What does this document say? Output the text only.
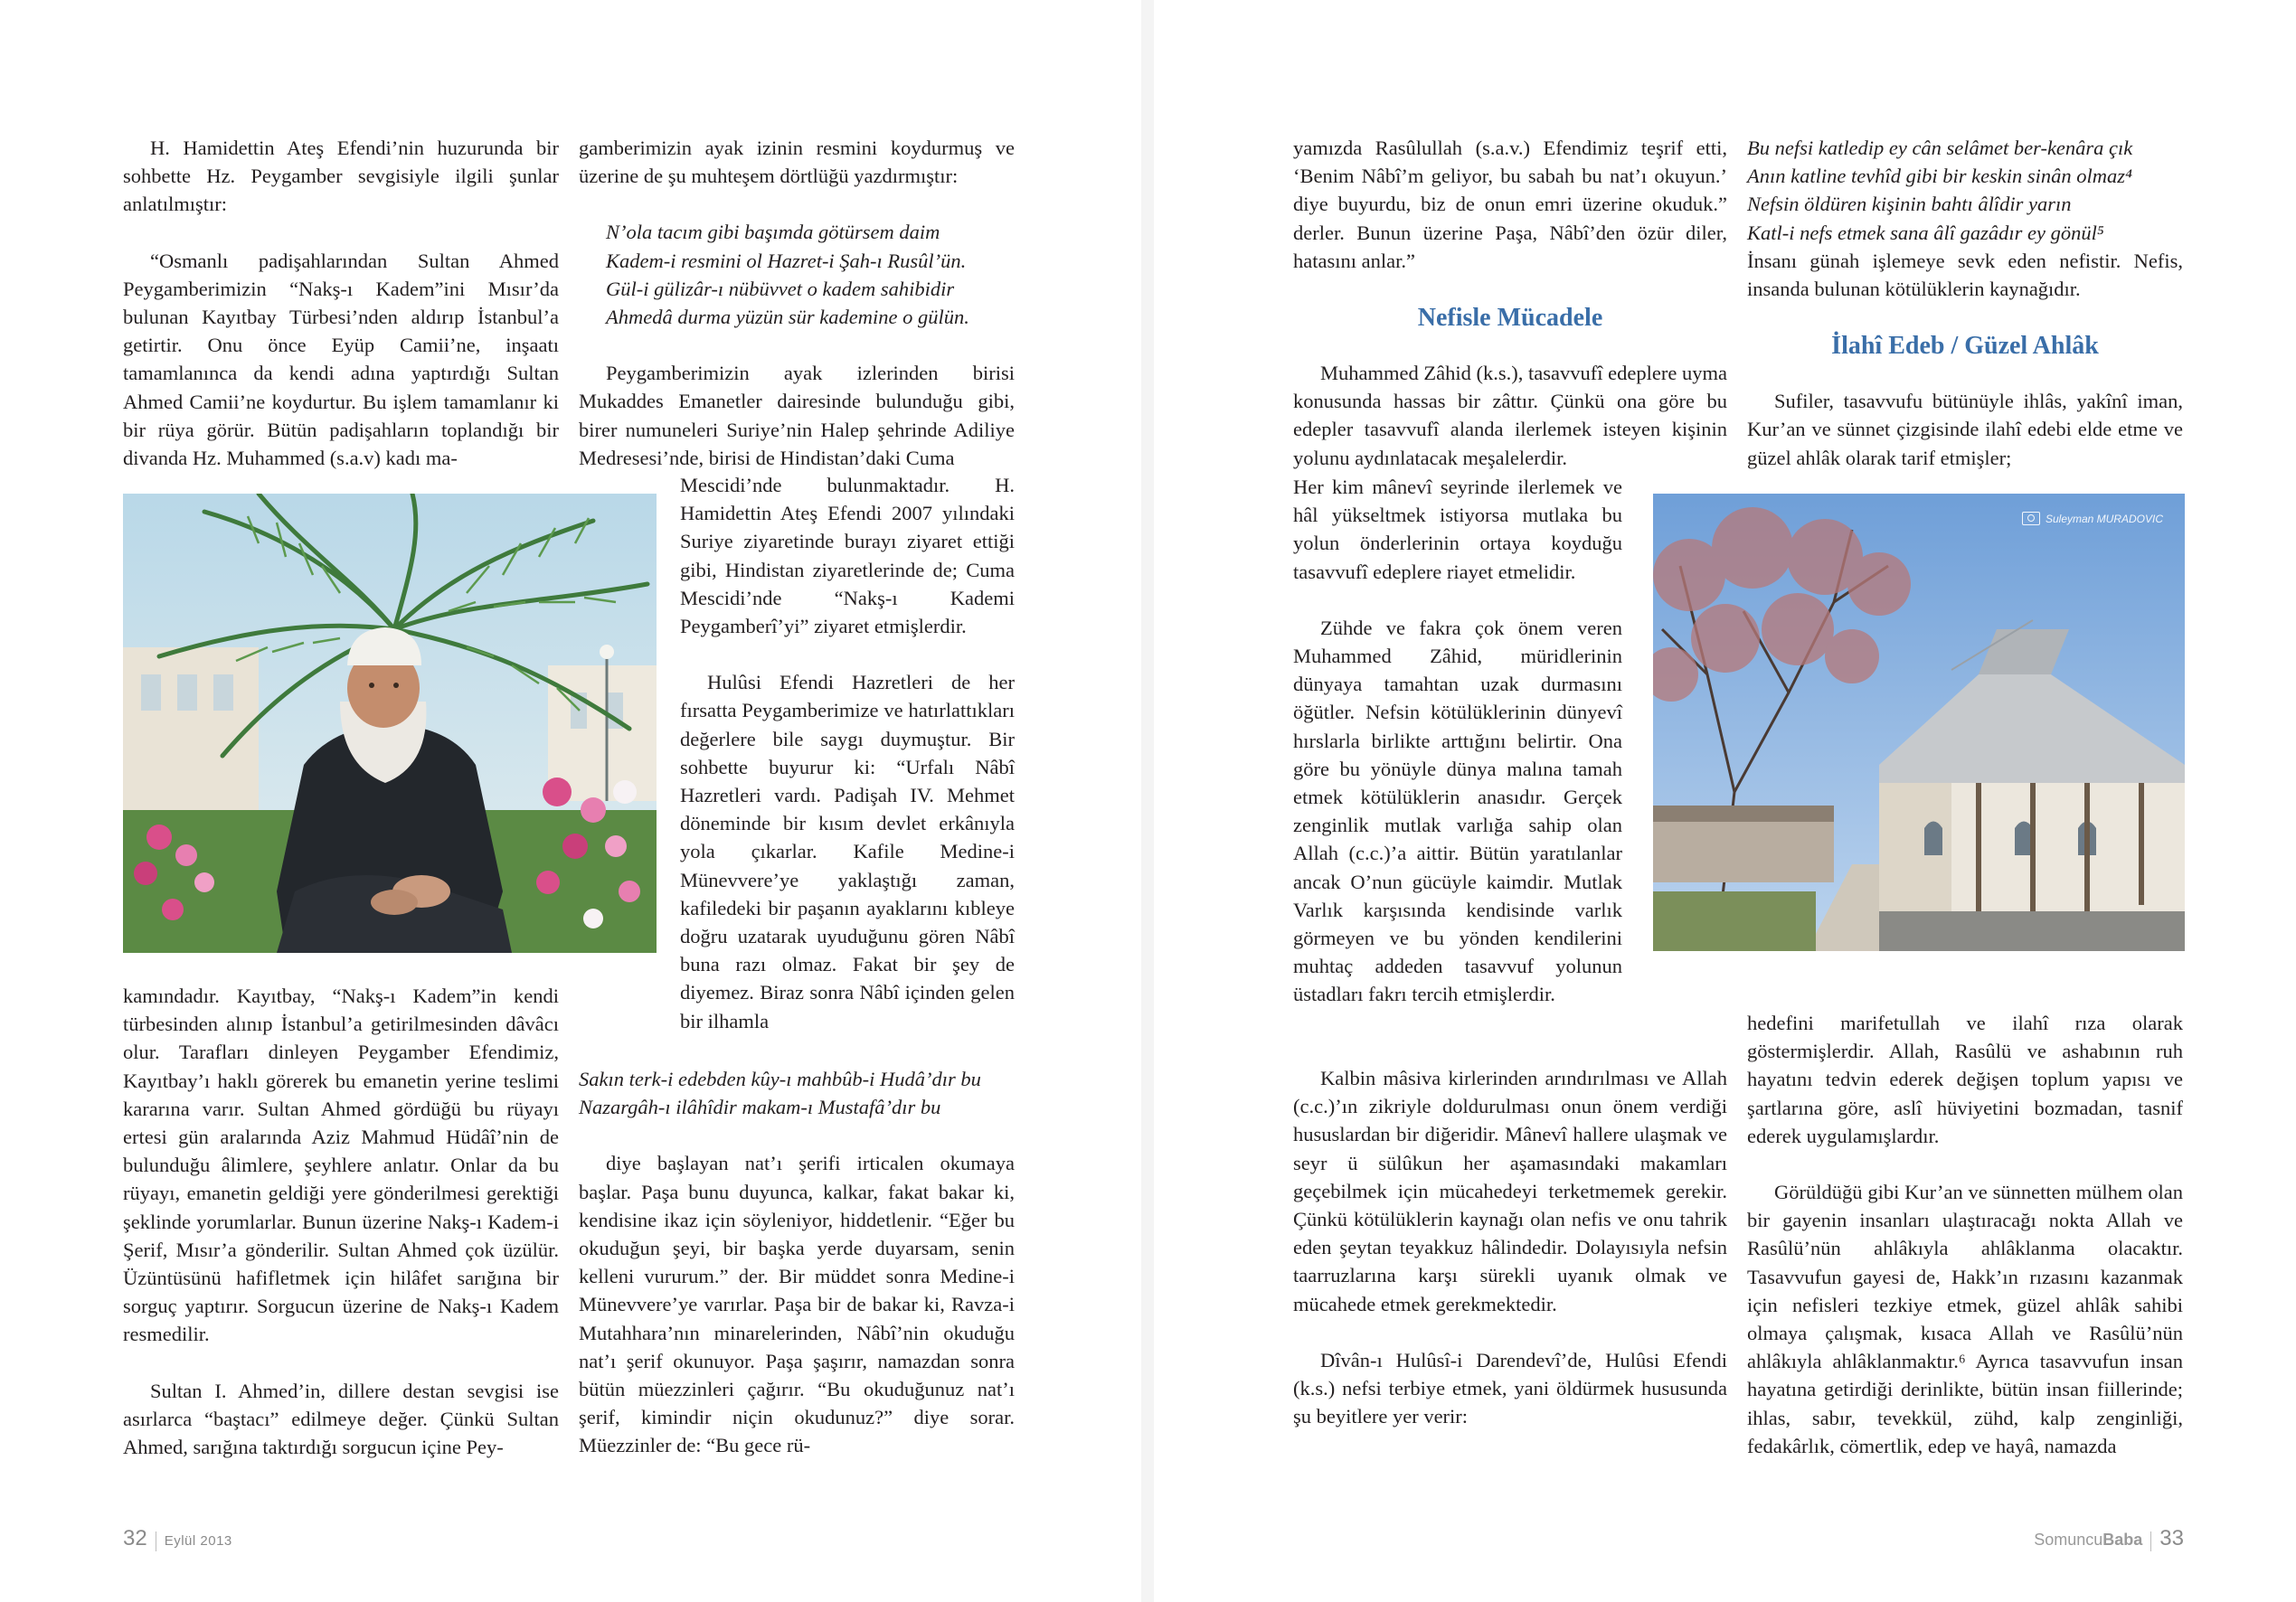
H. Hamidettin Ateş Efendi’nin huzurunda bir sohbette Hz. Peygamber sevgisiyle ilgili şunlar anlatılmıştır:

“Osmanlı padişahlarından Sultan Ahmed Peygamberimizin “Nakş-ı Kadem”ini Mısır’da bulunan Kayıtbay Türbesi’nden aldırıp İstanbul’a getirtir. Onu önce Eyüp Camii’ne, inşaatı tamamlanınca da kendi adına yaptırdığı Sultan Ahmed Camii’ne koydurtur. Bu işlem tamamlanır ki bir rüya görür. Bütün padişahların toplandığı bir divanda Hz. Muhammed (s.a.v) kadı ma-

kamındadır. Kayıtbay, “Nakş-ı Kadem”in kendi türbesinden alınıp İstanbul’a getirilmesinden dâvâcı olur. Tarafları dinleyen Peygamber Efendimiz, Kayıtbay’ı haklı görerek bu emanetin yerine teslimi kararına varır. Sultan Ahmed gördüğü bu rüyayı ertesi gün aralarında Aziz Mahmud Hüdâî’nin de bulunduğu âlimlere, şeyhlere anlatır. Onlar da bu rüyayı, emanetin geldiği yere gönderilmesi gerektiği şeklinde yorumlarlar. Bunun üzerine Nakş-ı Kadem-i Şerif, Mısır’a gönderilir. Sultan Ahmed çok üzülür. Üzüntüsünü hafifletmek için hilâfet sarığına bir sorguç yaptırır. Sorgucun üzerine de Nakş-ı Kadem resmedilir.

Sultan I. Ahmed’in, dillere destan sevgisi ise asırlarca “baştacı” edilmeye değer. Çünkü Sultan Ahmed, sarığına taktırdığı sorgucun içine Pey-

gamberimizin ayak izinin resmini koydurmuş ve üzerine de şu muhteşem dörtlüğü yazdırmıştır:

N’ola tacım gibi başımda götürsem daim
Kadem-i resmini ol Hazret-i Şah-ı Rusûl’ün.
Gül-i gülizâr-ı nübüvvet o kadem sahibidir
Ahmedâ durma yüzün sür kademine o gülün.

Peygamberimizin ayak izlerinden birisi Mukaddes Emanetler dairesinde bulunduğu gibi, birer numuneleri Suriye’nin Halep şehrinde Adiliye Medresesi’nde, birisi de Hindistan’daki Cuma

Mescidi’nde bulunmaktadır. H. Hamidettin Ateş Efendi 2007 yılındaki Suriye ziyaretinde burayı ziyaret ettiği gibi, Hindistan ziyaretlerinde de; Cuma Mescidi’nde “Nakş-ı Kademi Peygamberî’yi” ziyaret etmişlerdir.

Hulûsi Efendi Hazretleri de her fırsatta Peygamberimize ve hatırlattıkları değerlere bile saygı duymuştur. Bir sohbette buyurur ki: “Urfalı Nâbî Hazretleri vardı. Padişah IV. Mehmet döneminde bir kısım devlet erkânıyla yola çıkarlar. Kafile Medine-i Münevvere’ye yaklaştığı zaman, kafiledeki bir paşanın ayaklarını kıbleye doğru uzatarak uyuduğunu gören Nâbî buna razı olmaz. Fakat bir şey de diyemez. Biraz sonra Nâbî içinden gelen bir ilhamla

Sakın terk-i edebden kûy-ı mahbûb-i Hudâ’dır bu
Nazargâh-ı ilâhîdir makam-ı Mustafâ’dır bu

diye başlayan nat’ı şerifi irticalen okumaya başlar. Paşa bunu duyunca, kalkar, fakat bakar ki, kendisine ikaz için söyleniyor, hiddetlenir. “Eğer bu okuduğun şeyi, bir başka yerde duyarsam, senin kelleni vururum.” der. Bir müddet sonra Medine-i Münevvere’ye varırlar. Paşa bir de bakar ki, Ravza-i Mutahhara’nın minarelerinden, Nâbî’nin okuduğu nat’ı şerif okunuyor. Paşa şaşırır, namazdan sonra bütün müezzinleri çağırır. “Bu okuduğunuz nat’ı şerif, kimindir niçin okudunuz?” diye sorar. Müezzinler de: “Bu gece rü-

32 Eylül 2013

yamızda Rasûlullah (s.a.v.) Efendimiz teşrif etti, ‘Benim Nâbî’m geliyor, bu sabah bu nat’ı okuyun.’ diye buyurdu, biz de onun emri üzerine okuduk.” derler. Bunun üzerine Paşa, Nâbî’den özür diler, hatasını anlar.”

Nefisle Mücadele

Muhammed Zâhid (k.s.), tasavvufî edeplere uyma konusunda hassas bir zâttır. Çünkü ona göre bu edepler tasavvufî alanda ilerlemek isteyen kişinin yolunu aydınlatacak meşalelerdir.

Her kim mânevî seyrinde ilerlemek ve hâl yükseltmek istiyorsa mutlaka bu yolun önderlerinin ortaya koyduğu tasavvufî edeplere riayet etmelidir.

Zühde ve fakra çok önem veren Muhammed Zâhid, müridlerinin dünyaya tamahtan uzak durmasını öğütler. Nefsin kötülüklerinin dünyevî hırslarla birlikte arttığını belirtir. Ona göre bu yönüyle dünya malına tamah etmek kötülüklerin anasıdır. Gerçek zenginlik mutlak varlığa sahip olan Allah (c.c.)’a aittir. Bütün yaratılanlar ancak O’nun gücüyle kaimdir. Mutlak Varlık karşısında kendisinde varlık görmeyen ve bu yönden kendilerini muhtaç addeden tasavvuf yolunun üstadları fakrı tercih etmişlerdir.

Kalbin mâsiva kirlerinden arındırılması ve Allah (c.c.)’ın zikriyle doldurulması onun önem verdiği hususlardan bir diğeridir. Mânevî hallere ulaşmak ve seyr ü sülûkun her aşamasındaki makamları geçebilmek için mücahedeyi terketmemek gerekir. Çünkü kötülüklerin kaynağı olan nefis ve onu tahrik eden şeytan teyakkuz hâlindedir. Dolayısıyla nefsin taarruzlarına karşı sürekli uyanık olmak ve mücahede etmek gerekmektedir.

Dîvân-ı Hulûsî-i Darendevî’de, Hulûsi Efendi (k.s.) nefsi terbiye etmek, yani öldürmek hususunda şu beyitlere yer verir:

Bu nefsi katledip ey cân selâmet ber-kenâra çık
Anın katline tevhîd gibi bir keskin sinân olmaz⁴
Nefsin öldüren kişinin bahtı âlîdir yarın
Katl-i nefs etmek sana âlî gazâdır ey gönül⁵

İnsanı günah işlemeye sevk eden nefistir. Nefis, insanda bulunan kötülüklerin kaynağıdır.

İlahî Edeb / Güzel Ahlâk

Sufiler, tasavvufu bütünüyle ihlâs, yakînî iman, Kur’an ve sünnet çizgisinde ilahî edebi elde etme ve güzel ahlâk olarak tarif etmişler;

Suleyman MURADOVIC

hedefini marifetullah ve ilahî rıza olarak göstermişlerdir. Allah, Rasûlü ve ashabının ruh hayatını tedvin ederek değişen toplum yapısı ve şartlarına göre, aslî hüviyetini bozmadan, tasnif ederek uygulamışlardır.

Görüldüğü gibi Kur’an ve sünnetten mülhem olan bir gayenin insanları ulaştıracağı nokta Allah ve Rasûlü’nün ahlâkıyla ahlâklanma olacaktır. Tasavvufun gayesi de, Hakk’ın rızasını kazanmak için nefisleri tezkiye etmek, güzel ahlâk sahibi olmaya çalışmak, kısaca Allah ve Rasûlü’nün ahlâkıyla ahlâklanmaktır.⁶ Ayrıca tasavvufun insan hayatına getirdiği derinlikte, bütün insan fiillerinde; ihlas, sabır, tevekkül, zühd, kalp zenginliği, fedakârlık, cömertlik, edep ve hayâ, namazda

SomuncuBaba 33
